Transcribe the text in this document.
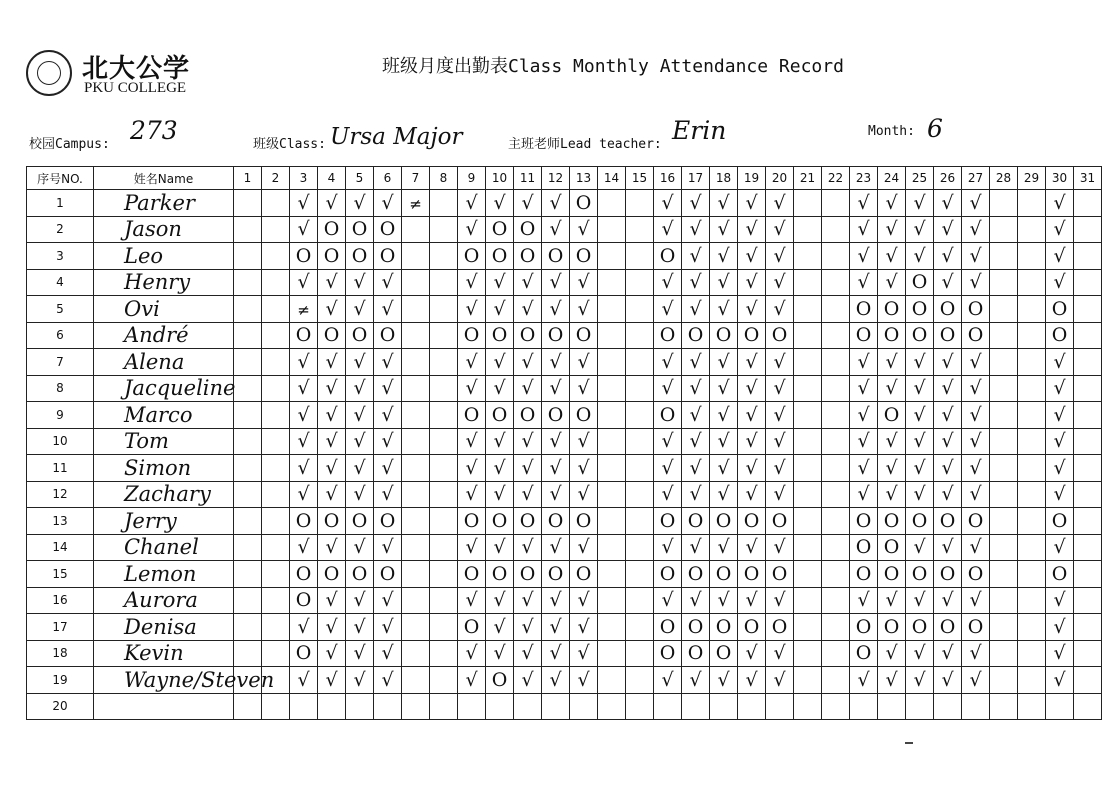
北大公学
PKU COLLEGE
班级月度出勤表Class Monthly Attendance Record
校园Campus: 273	班级Class: Ursa Major	主班老师Lead teacher: Erin	Month: 6
序号NO.	姓名Name	1	2	3	4	5	6	7	8	9	10	11	12	13	14	15	16	17	18	19	20	21	22	23	24	25	26	27	28	29	30	31
1	Parker			√	√	√	√	≠		√	√	√	√	O			√	√	√	√	√			√	√	√	√	√			√	
2	Jason			√	O	O	O			√	O	O	√	√			√	√	√	√	√			√	√	√	√	√			√	
3	Leo			O	O	O	O			O	O	O	O	O			O	√	√	√	√			√	√	√	√	√			√	
4	Henry			√	√	√	√			√	√	√	√	√			√	√	√	√	√			√	√	O	√	√			√	
5	Ovi			≠	√	√	√			√	√	√	√	√			√	√	√	√	√			O	O	O	O	O			O	
6	André			O	O	O	O			O	O	O	O	O			O	O	O	O	O			O	O	O	O	O			O	
7	Alena			√	√	√	√			√	√	√	√	√			√	√	√	√	√			√	√	√	√	√			√	
8	Jacqueline			√	√	√	√			√	√	√	√	√			√	√	√	√	√			√	√	√	√	√			√	
9	Marco			√	√	√	√			O	O	O	O	O			O	√	√	√	√			√	O	√	√	√			√	
10	Tom			√	√	√	√			√	√	√	√	√			√	√	√	√	√			√	√	√	√	√			√	
11	Simon			√	√	√	√			√	√	√	√	√			√	√	√	√	√			√	√	√	√	√			√	
12	Zachary			√	√	√	√			√	√	√	√	√			√	√	√	√	√			√	√	√	√	√			√	
13	Jerry			O	O	O	O			O	O	O	O	O			O	O	O	O	O			O	O	O	O	O			O	
14	Chanel			√	√	√	√			√	√	√	√	√			√	√	√	√	√			O	O	√	√	√			√	
15	Lemon			O	O	O	O			O	O	O	O	O			O	O	O	O	O			O	O	O	O	O			O	
16	Aurora			O	√	√	√			√	√	√	√	√			√	√	√	√	√			√	√	√	√	√			√	
17	Denisa			√	√	√	√			O	√	√	√	√			O	O	O	O	O			O	O	O	O	O			√	
18	Kevin			O	√	√	√			√	√	√	√	√			O	O	O	√	√			O	√	√	√	√			√	
19	Wayne/Steven			√	√	√	√			√	O	√	√	√			√	√	√	√	√			√	√	√	√	√			√	
20																																
